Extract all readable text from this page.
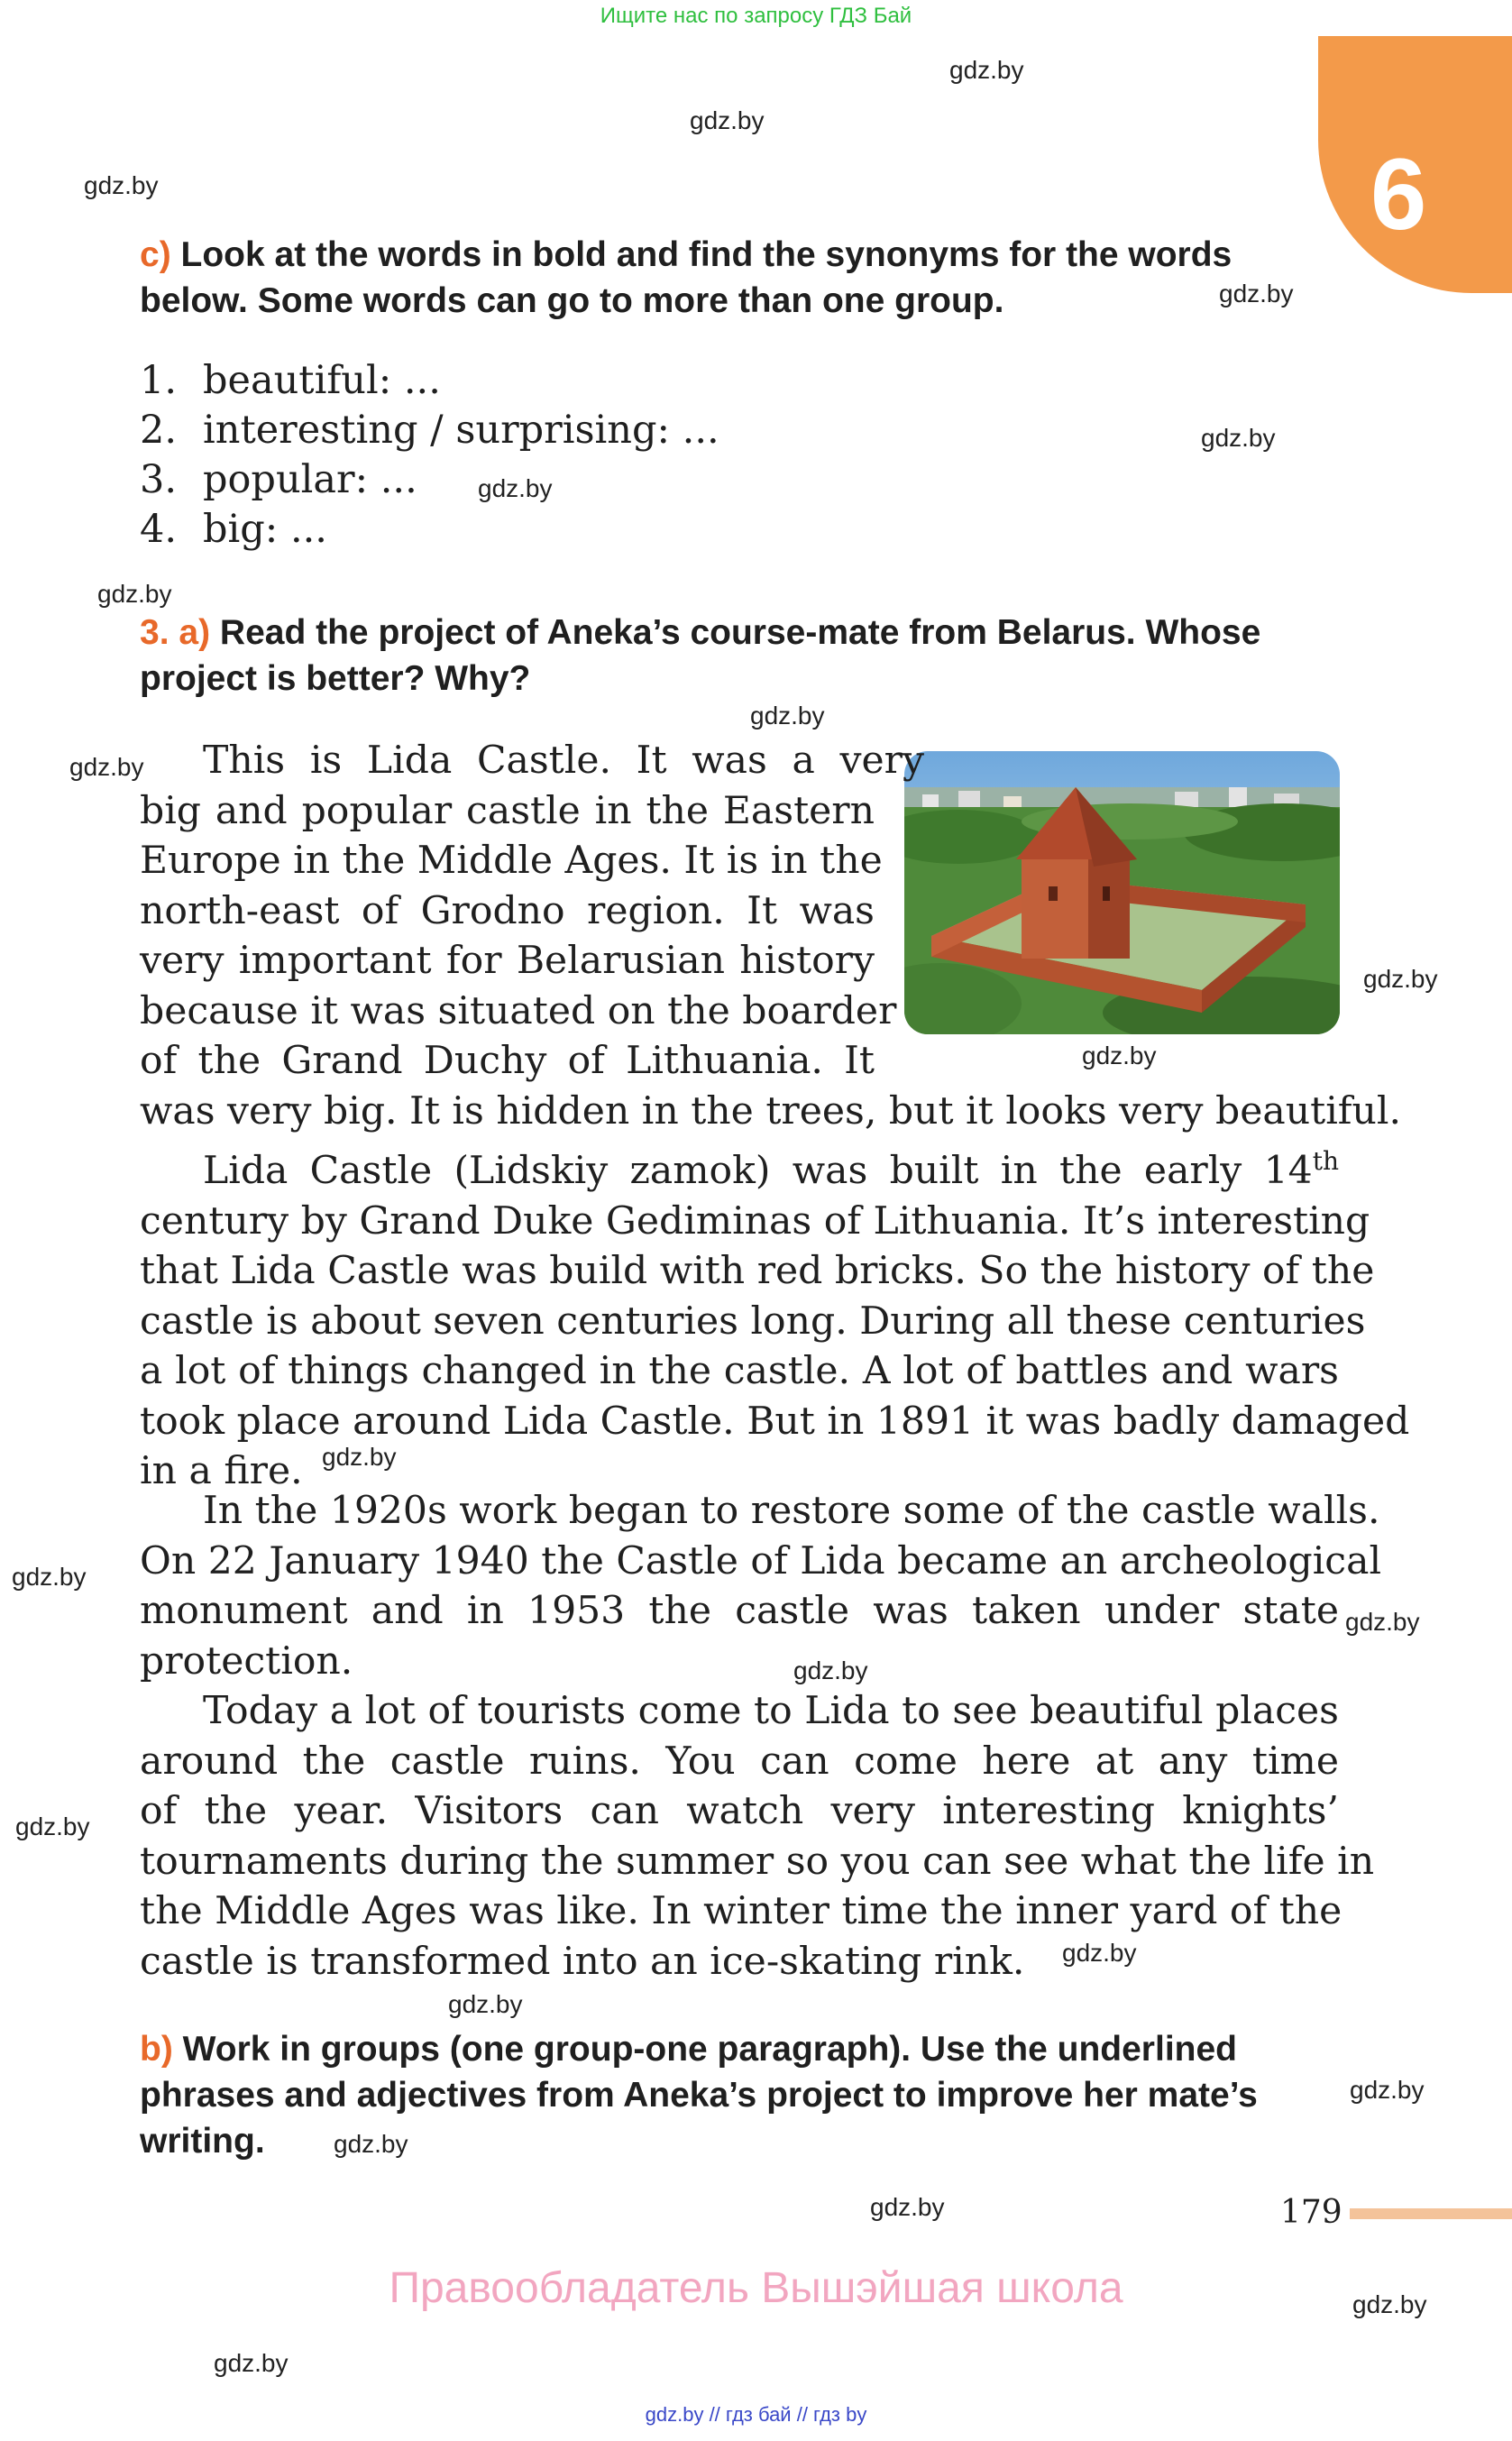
Ищите нас по запросу ГДЗ Бай
6
gdz.by
gdz.by
gdz.by
gdz.by
gdz.by
gdz.by
gdz.by
gdz.by
gdz.by
gdz.by
gdz.by
gdz.by
gdz.by
gdz.by
gdz.by
gdz.by
gdz.by
gdz.by
gdz.by
gdz.by
gdz.by
gdz.by
gdz.by
c) Look at the words in bold and find the synonyms for the words
below. Some words can go to more than one group.
1. beautiful: ...
2. interesting / surprising: ...
3. popular: ...
4. big: ...
3. a) Read the project of Aneka’s course-mate from Belarus. Whose
project is better? Why?
This is Lida Castle. It was a very
big and popular castle in the Eastern
Europe in the Middle Ages. It is in the
north-east of Grodno region. It was
very important for Belarusian history
because it was situated on the boarder
of the Grand Duchy of Lithuania. It
was very big. It is hidden in the trees, but it looks very beautiful.
Lida Castle (Lidskiy zamok) was built in the early 14th
century by Grand Duke Gediminas of Lithuania. It’s interesting
that Lida Castle was build with red bricks. So the history of the
castle is about seven centuries long. During all these centuries
a lot of things changed in the castle. A lot of battles and wars
took place around Lida Castle. But in 1891 it was badly damaged
in a fire.
In the 1920s work began to restore some of the castle walls.
On 22 January 1940 the Castle of Lida became an archeological
monument and in 1953 the castle was taken under state
protection.
Today a lot of tourists come to Lida to see beautiful places
around the castle ruins. You can come here at any time
of the year. Visitors can watch very interesting knights’
tournaments during the summer so you can see what the life in
the Middle Ages was like. In winter time the inner yard of the
castle is transformed into an ice-skating rink.
b) Work in groups (one group-one paragraph). Use the underlined
phrases and adjectives from Aneka’s project to improve her mate’s
writing.
179
Правообладатель Вышэйшая школа
gdz.by // гдз бай // гдз by
